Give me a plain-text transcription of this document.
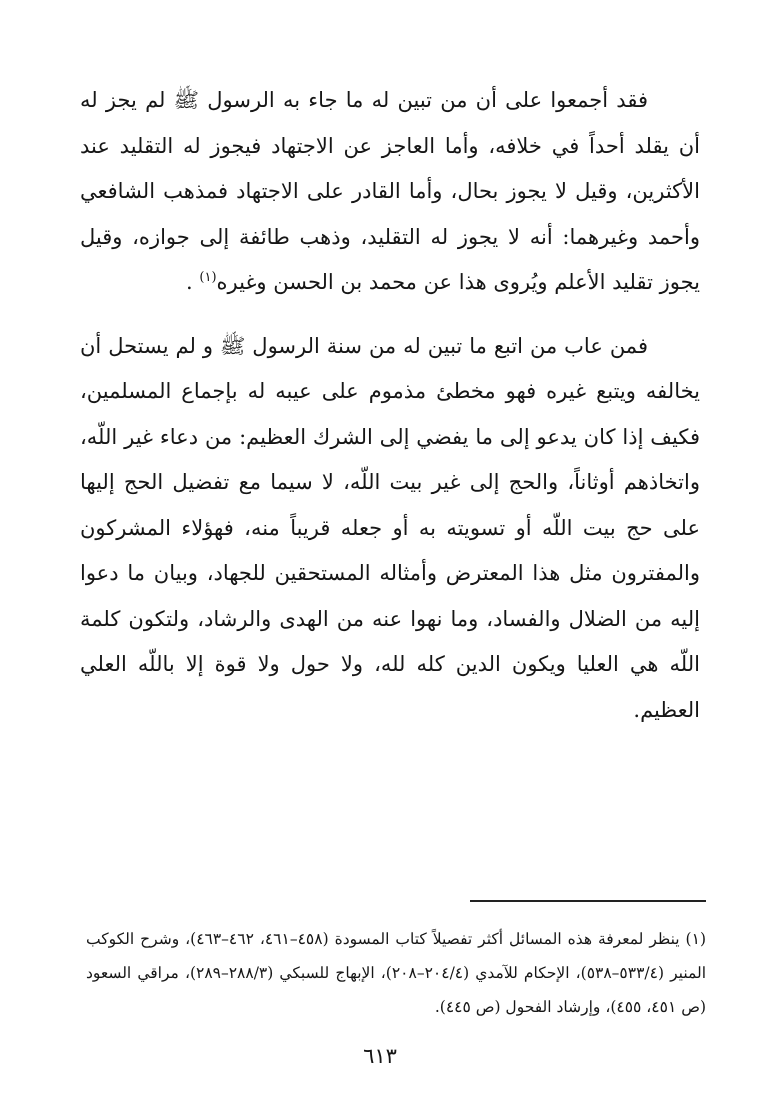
فقد أجمعوا على أن من تبين له ما جاء به الرسول ﷺ لم يجز له أن يقلد أحداً في خلافه، وأما العاجز عن الاجتهاد فيجوز له التقليد عند الأكثرين، وقيل لا يجوز بحال، وأما القادر على الاجتهاد فمذهب الشافعي وأحمد وغيرهما: أنه لا يجوز له التقليد، وذهب طائفة إلى جوازه، وقيل يجوز تقليد الأعلم ويُروى هذا عن محمد بن الحسن وغيره$^{(١)}$ .

فمن عاب من اتبع ما تبين له من سنة الرسول ﷺ و لم يستحل أن يخالفه ويتبع غيره فهو مخطئ مذموم على عيبه له بإجماع المسلمين، فكيف إذا كان يدعو إلى ما يفضي إلى الشرك العظيم: من دعاء غير اللّه، واتخاذهم أوثاناً، والحج إلى غير بيت اللّه، لا سيما مع تفضيل الحج إليها على حج بيت اللّه أو تسويته به أو جعله قريباً منه، فهؤلاء المشركون والمفترون مثل هذا المعترض وأمثاله المستحقين للجهاد، وبيان ما دعوا إليه من الضلال والفساد، وما نهوا عنه من الهدى والرشاد، ولتكون كلمة اللّه هي العليا ويكون الدين كله لله، ولا حول ولا قوة إلا باللّه العلي العظيم.

(١) ينظر لمعرفة هذه المسائل أكثر تفصيلاً كتاب المسودة (٤٥٨–٤٦١، ٤٦٢–٤٦٣)، وشرح الكوكب المنير (٥٣٣/٤–٥٣٨)، الإحكام للآمدي (٢٠٤/٤–٢٠٨)، الإبهاج للسبكي (٢٨٨/٣–٢٨٩)، مراقي السعود (ص ٤٥١، ٤٥٥)، وإرشاد الفحول (ص ٤٤٥).

٦١٣
